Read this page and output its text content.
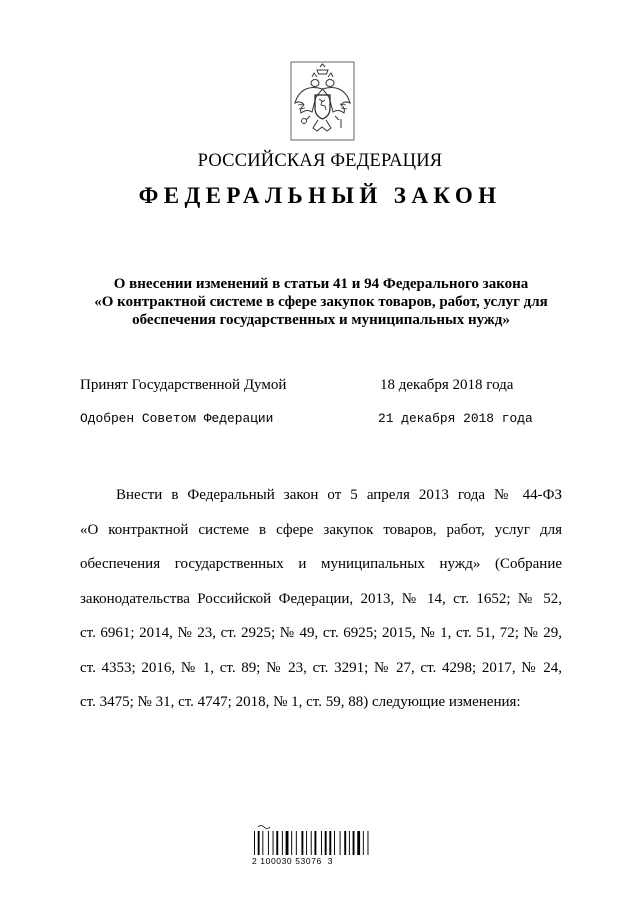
РОССИЙСКАЯ ФЕДЕРАЦИЯ
ФЕДЕРАЛЬНЫЙ ЗАКОН
О внесении изменений в статьи 41 и 94 Федерального закона
«О контрактной системе в сфере закупок товаров, работ, услуг для
обеспечения государственных и муниципальных нужд»
Принят Государственной Думой	18 декабря 2018 года
Одобрен Советом Федерации	21 декабря 2018 года
Внести в Федеральный закон от 5 апреля 2013 года № 44-ФЗ
«О контрактной системе в сфере закупок товаров, работ, услуг для
обеспечения государственных и муниципальных нужд» (Собрание
законодательства Российской Федерации, 2013, № 14, ст. 1652; № 52,
ст. 6961; 2014, № 23, ст. 2925; № 49, ст. 6925; 2015, № 1, ст. 51, 72; № 29,
ст. 4353; 2016, № 1, ст. 89; № 23, ст. 3291; № 27, ст. 4298; 2017, № 24,
ст. 3475; № 31, ст. 4747; 2018, № 1, ст. 59, 88) следующие изменения:
2 100030 53076  3
